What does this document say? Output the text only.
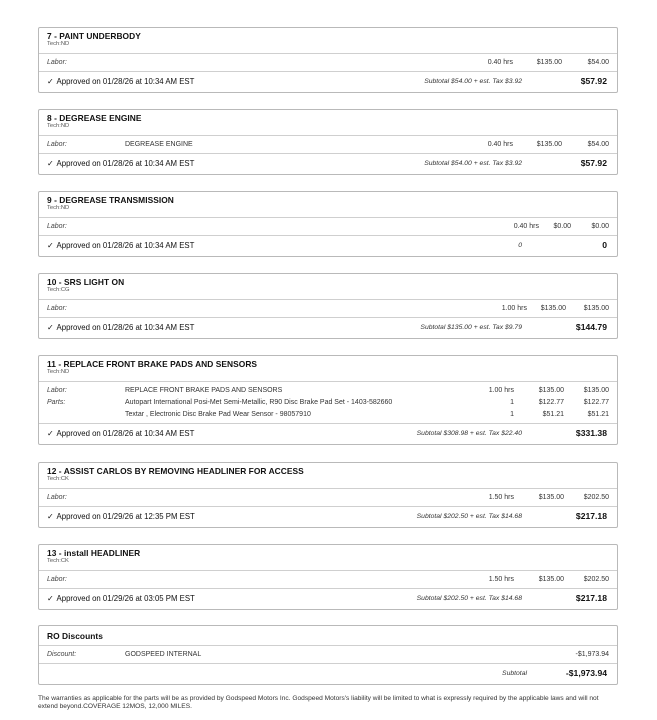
7 - PAINT UNDERBODY
Tech:ND
Labor:	0.40 hrs	$135.00	$54.00
✓ Approved on 01/28/26 at 10:34 AM EST	Subtotal $54.00 + est. Tax $3.92	$57.92
8 - DEGREASE ENGINE
Tech:ND
Labor:	DEGREASE ENGINE	0.40 hrs	$135.00	$54.00
✓ Approved on 01/28/26 at 10:34 AM EST	Subtotal $54.00 + est. Tax $3.92	$57.92
9 - DEGREASE TRANSMISSION
Tech:ND
Labor:	0.40 hrs $0.00	$0.00
✓ Approved on 01/28/26 at 10:34 AM EST	0	0
10 - SRS LIGHT ON
Tech:CG
Labor:	1.00 hrs $135.00	$135.00
✓ Approved on 01/28/26 at 10:34 AM EST	Subtotal $135.00 + est. Tax $9.79	$144.79
11 - REPLACE FRONT BRAKE PADS AND SENSORS
Tech:ND
Labor:	REPLACE FRONT BRAKE PADS AND SENSORS	1.00 hrs	$135.00	$135.00
Parts:	Autopart International Posi-Met Semi-Metallic, R90 Disc Brake Pad Set - 1403-582660	1	$122.77	$122.77
Textar , Electronic Disc Brake Pad Wear Sensor - 98057910	1	$51.21	$51.21
✓ Approved on 01/28/26 at 10:34 AM EST	Subtotal $308.98 + est. Tax $22.40	$331.38
12 - ASSIST CARLOS BY REMOVING HEADLINER FOR ACCESS
Tech:CK
Labor:	1.50 hrs	$135.00	$202.50
✓ Approved on 01/29/26 at 12:35 PM EST	Subtotal $202.50 + est. Tax $14.68	$217.18
13 - install HEADLINER
Tech:CK
Labor:	1.50 hrs	$135.00	$202.50
✓ Approved on 01/29/26 at 03:05 PM EST	Subtotal $202.50 + est. Tax $14.68	$217.18
RO Discounts
Discount:	GODSPEED INTERNAL	-$1,973.94
Subtotal	-$1,973.94
The warranties as applicable for the parts will be as provided by Godspeed Motors Inc. Godspeed Motors's liability will be limited to what is expressly required by the applicable laws and will not extend beyond.COVERAGE 12MOS, 12,000 MILES.
